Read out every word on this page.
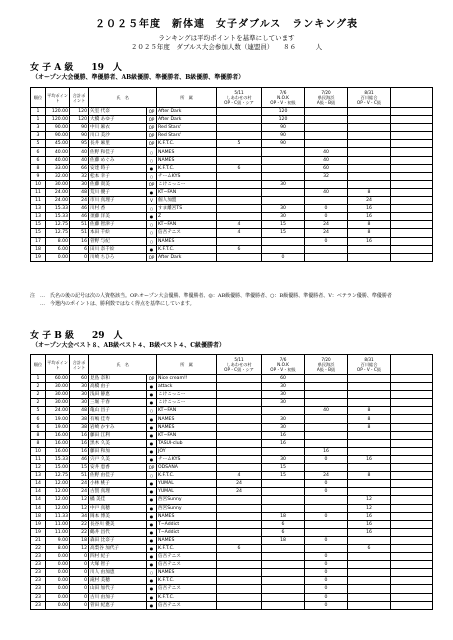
２０２５年度　新体連　女子ダブルス　ランキング表
ランキングは平均ポイントを基準にしています
２０２５年度　ダブルス大会参加人数（連盟員）　　８６　　　人
女 子 A 級　　19　人
（オープン大会優勝、準優勝者、AB級優勝、準優勝者、B級優勝、準優勝者）
順位	平均ポイント	合計ポイント	氏　名		所　属	5/11
しあわせの村
OP・C級・シア	7/6
N.O.K
OP・V・初級	7/20
県民海浜
A級・B級	8/31
百川総合
OP・V・C級	
1	120.00	120	矢室 代奈	OP	After Dark		120			
1	120.00	120	大橋 あゆ子	OP	After Dark		120			
3	90.00	90	中川 麻衣	OP	Red Stars'		90			
3	90.00	90	川口 美沙	OP	Red Stars'		90			
5	45.00	95	長井 麻里	OP	K.F.T.C.	5	90			
6	40.00	40	佐野 和佳子	○	NAMES			40		
6	40.00	40	佐藤 めぐみ	○	NAMES			40		
8	33.00	66	安達 時子	●	K.F.T.C.	6		60		
9	32.00	32	松本 幸子	○	チームKYS			32		
10	30.00	30	佐藤 貴美	OP	こけこっこー		30			
11	24.00	48	荒川 優子	●	KT−FAN			40	8	
11	24.00	24	市川 真理子	V	個人加盟				24	
13	15.33	46	川村 香	○	すま離宮TS		30	0	16	
13	15.33	46	須藤 洋美	●	Z		30	0	16	
15	12.75	51	佐藤 智津子	○	KT−FAN	4	15	24	8	
15	12.75	51	本田 千絵	○	信吾テニス	4	15	24	8	
17	8.00	16	菅野 与紀	○	NAMES			0	16	
18	6.00	6	田川 奈千絵	●	K.F.T.C.	6				
19	0.00	0	川崎 ちひろ	OP	After Dark		0			
注　…　氏名の後の記号は次の人資格該当。OP:オープン大会優勝、準優勝者、◎：AB級優勝、準優勝者、○：B級優勝、準優勝者、V：ベテラン優勝、準優勝者
　　…　今選内のポイントは、勝利数ではなく得点を基準にしています。
女 子 B 級　　29　人
（オープン大会ベスト８、AB級ベスト４、B級ベスト４、C級優勝者）
順位	平均ポイント	合計ポイント	氏　名		所　属	5/11
しあわせの村
OP・C級・シア	7/6
N.O.K
OP・V・初級	7/20
県民海浜
A級・B級	8/31
百川総合
OP・V・C級	
1	60.00	60	見島 奈和	OP	Nice cream!!		60			
2	30.00	30	高橋 由子	●	attack		30			
2	30.00	30	浅田 静恵	●	こけこっこー		30			
2	30.00	30	三堀 千春	●	こけこっこー		30			
5	24.00	48	亀山 昌子	○	KT−FAN			40	8	
6	19.00	38	有嶋 佳寿	●	NAMES		30		8	
6	19.00	38	岩崎 かすみ	●	NAMES		30		8	
8	16.00	16	藤田 江利	●	KT−FAN		16			
8	16.00	16	黒木 久美	●	TASUI-club		16			
10	16.00	16	藤田 和加	●	JOY			16		
11	15.33	46	宍戸 久美	●	チームKYS		30	0	16	
12	15.00	15	安井 恵香	OP	ODSANA		15			
13	12.75	51	佐野 由佳子	○	K.F.T.C.	4	15	24	8	
14	12.00	24	小林 桃子	●	YUMAL	24		0		
14	12.00	24	古賀 真理	●	YUMAL	24		0		
14	12.00	12	橘 美佳	●	西宮Sunny				12	
14	12.00	12	中戸 真穂	●	西宮Sunny				12	
18	11.33	34	岡本 博美	●	NAMES		18	0	16	
19	11.00	22	長谷川 優美	●	T−Addict		6		16	
19	11.00	22	鶴井 昌代	●	T−Addict		6		16	
21	9.00	18	森田 比奈子	●	NAMES		18	0		
22	8.00	12	高梨谷 加代子	●	K.F.T.C.	6			6	
23	0.00	0	四村 紀子	●	信吾テニス			0		
23	0.00	0	大塚 智子	●	信吾テニス			0		
23	0.00	0	川人 由加恵	○	NAMES			0		
23	0.00	0	滝村 美穂	●	K.F.T.C.			0		
23	0.00	0	山田 加代子	●	信吾テニス			0		
23	0.00	0	古川 由加子	●	K.F.T.C.			0		
23	0.00	0	菅田 紀恵子	●	信吾テニス			0		
